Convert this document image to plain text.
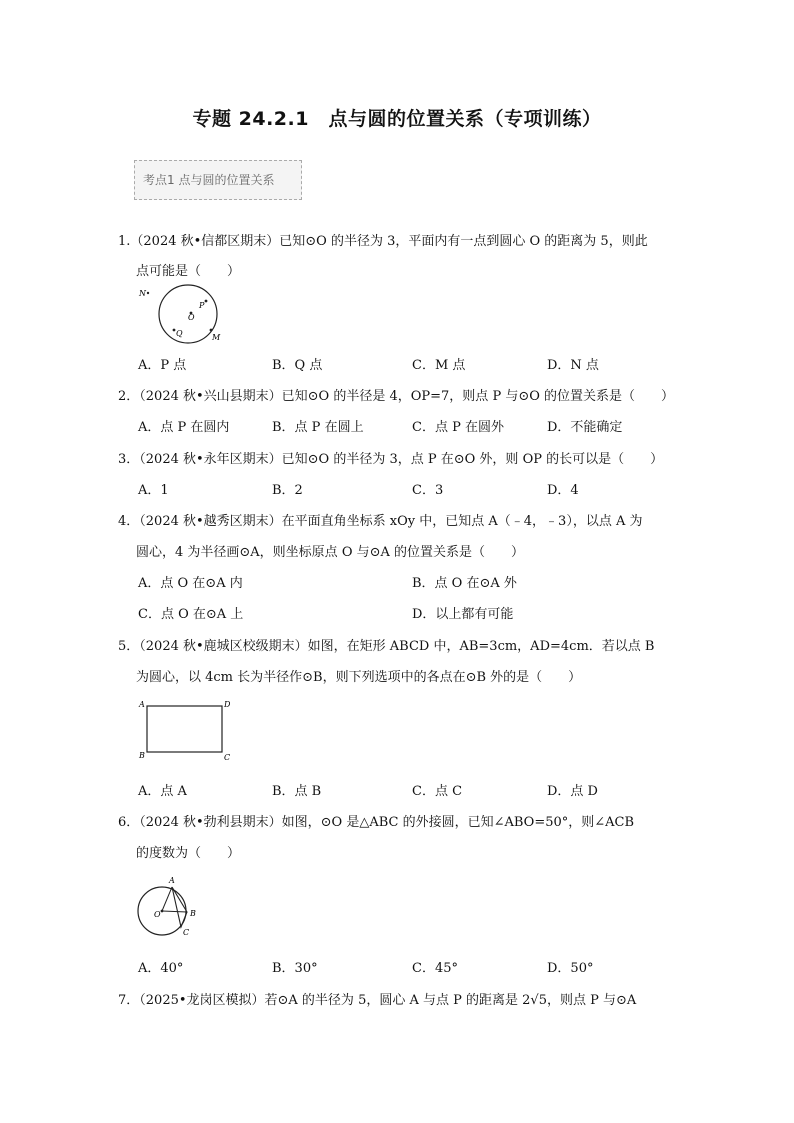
专题 24.2.1　点与圆的位置关系（专项训练）
考点1 点与圆的位置关系
1.（2024 秋•信都区期末）已知⊙O 的半径为 3，平面内有一点到圆心 O 的距离为 5，则此
点可能是（　　）
N
P
O
Q	M
A．P 点	B．Q 点	C．M 点	D．N 点
2．（2024 秋•兴山县期末）已知⊙O 的半径是 4，OP=7，则点 P 与⊙O 的位置关系是（　　）
A．点 P 在圆内	B．点 P 在圆上	C．点 P 在圆外	D．不能确定
3．（2024 秋•永年区期末）已知⊙O 的半径为 3，点 P 在⊙O 外，则 OP 的长可以是（　　）
A．1	B．2	C．3	D．4
4．（2024 秋•越秀区期末）在平面直角坐标系 xOy 中，已知点 A（﹣4，﹣3），以点 A 为
圆心，4 为半径画⊙A，则坐标原点 O 与⊙A 的位置关系是（　　）
A．点 O 在⊙A 内	B．点 O 在⊙A 外
C．点 O 在⊙A 上	D．以上都有可能
5．（2024 秋•鹿城区校级期末）如图，在矩形 ABCD 中，AB=3cm，AD=4cm．若以点 B
为圆心，以 4cm 长为半径作⊙B，则下列选项中的各点在⊙B 外的是（　　）
A	D
B	C
A．点 A	B．点 B	C．点 C	D．点 D
6．（2024 秋•勃利县期末）如图，⊙O 是△ABC 的外接圆，已知∠ABO=50°，则∠ACB
的度数为（　　）
A
O	B
C
A．40°	B．30°	C．45°	D．50°
7．（2025•龙岗区模拟）若⊙A 的半径为 5，圆心 A 与点 P 的距离是 2√5，则点 P 与⊙A
